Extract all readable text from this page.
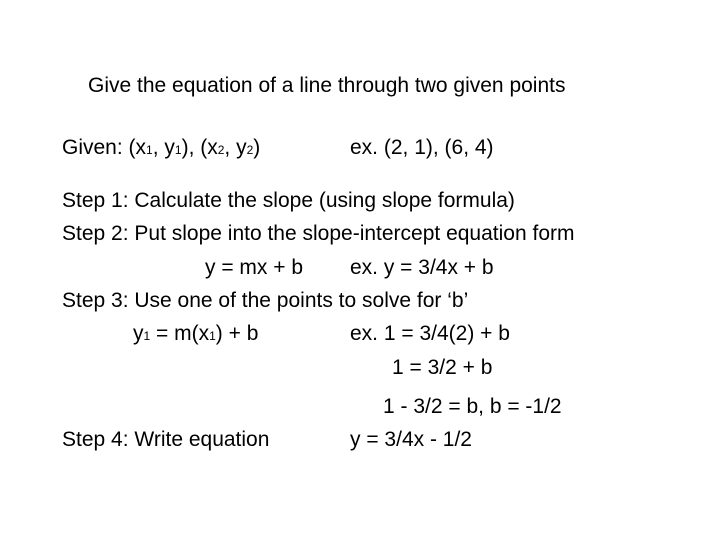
Give the equation of a line through two given points
Given: (x1, y1), (x2, y2)	ex. (2, 1), (6, 4)
Step 1: Calculate the slope (using slope formula)
Step 2: Put slope into the slope-intercept equation form
y = mx + b ex. y = 3/4x + b
Step 3: Use one of the points to solve for ‘b’
y1 = m(x1) + b	ex. 1 = 3/4(2) + b
1 = 3/2 + b
1 - 3/2 = b, b = -1/2
Step 4: Write equation	y = 3/4x - 1/2
